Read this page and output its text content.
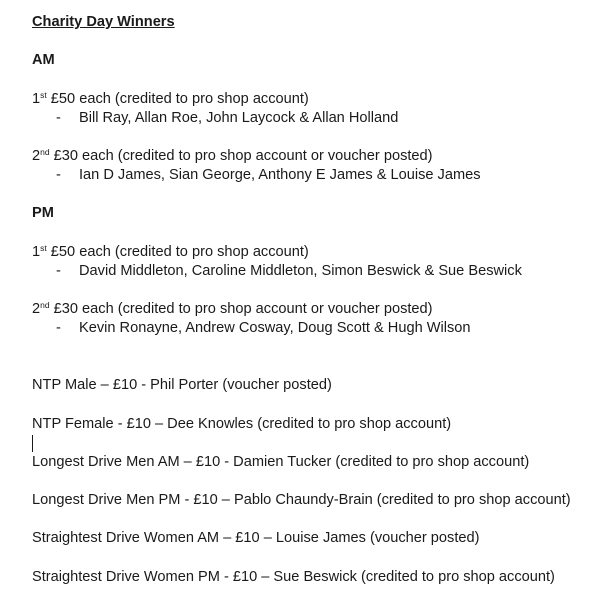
Charity Day Winners
AM
1st £50 each (credited to pro shop account)
- Bill Ray, Allan Roe, John Laycock & Allan Holland
2nd £30 each (credited to pro shop account or voucher posted)
- Ian D James, Sian George, Anthony E James & Louise James
PM
1st £50 each (credited to pro shop account)
- David Middleton, Caroline Middleton, Simon Beswick & Sue Beswick
2nd £30 each (credited to pro shop account or voucher posted)
- Kevin Ronayne, Andrew Cosway, Doug Scott & Hugh Wilson
NTP Male – £10 - Phil Porter (voucher posted)
NTP Female - £10 – Dee Knowles (credited to pro shop account)
Longest Drive Men AM – £10 - Damien Tucker (credited to pro shop account)
Longest Drive Men PM - £10 – Pablo Chaundy-Brain (credited to pro shop account)
Straightest Drive Women AM – £10 – Louise James (voucher posted)
Straightest Drive Women PM - £10 – Sue Beswick (credited to pro shop account)
